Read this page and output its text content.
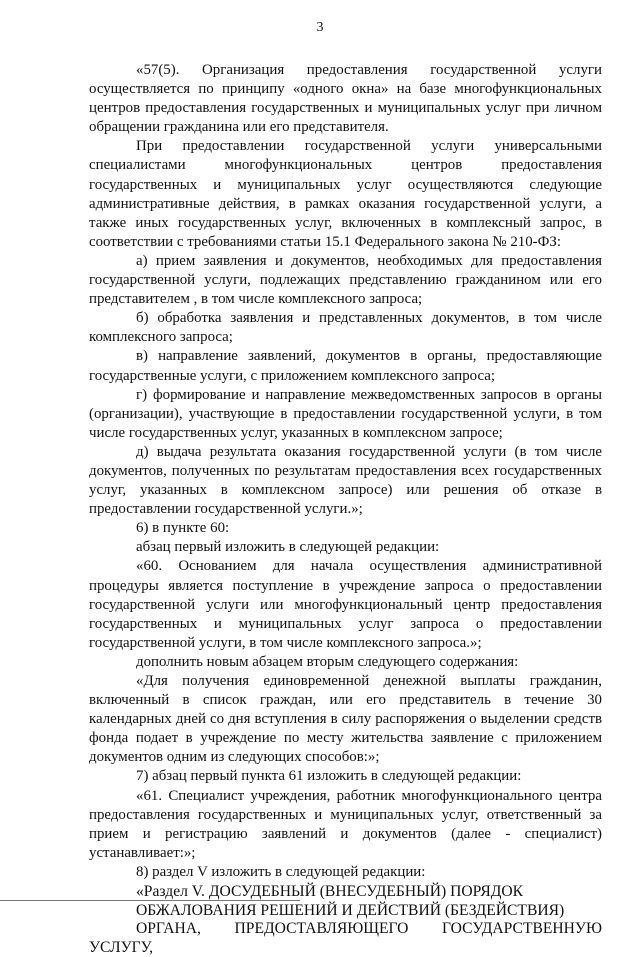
3

«57(5). Организация предоставления государственной услуги осуществляется по принципу «одного окна» на базе многофункциональных центров предоставления государственных и муниципальных услуг при личном обращении гражданина или его представителя.

При предоставлении государственной услуги универсальными специалистами многофункциональных центров предоставления государственных и муниципальных услуг осуществляются следующие административные действия, в рамках оказания государственной услуги, а также иных государственных услуг, включенных в комплексный запрос, в соответствии с требованиями статьи 15.1 Федерального закона № 210-ФЗ:

а) прием заявления и документов, необходимых для предоставления государственной услуги, подлежащих представлению гражданином или его представителем , в том числе комплексного запроса;

б) обработка заявления и представленных документов, в том числе комплексного запроса;

в) направление заявлений, документов в органы, предоставляющие государственные услуги, с приложением комплексного запроса;

г) формирование и направление межведомственных запросов в органы (организации), участвующие в предоставлении государственной услуги, в том числе государственных услуг, указанных в комплексном запросе;

д) выдача результата оказания государственной услуги (в том числе документов, полученных по результатам предоставления всех государственных услуг, указанных в комплексном запросе) или решения об отказе в предоставлении государственной услуги.»;

6) в пункте 60:

абзац первый изложить в следующей редакции:

«60. Основанием для начала осуществления административной процедуры является поступление в учреждение запроса о предоставлении государственной услуги или многофункциональный центр предоставления государственных и муниципальных услуг запроса о предоставлении государственной услуги, в том числе комплексного запроса.»;

дополнить новым абзацем вторым следующего содержания:

«Для получения единовременной денежной выплаты гражданин, включенный в список граждан, или его представитель в течение 30 календарных дней со дня вступления в силу распоряжения о выделении средств фонда подает в учреждение по месту жительства заявление с приложением документов одним из следующих способов:»;

7) абзац первый пункта 61 изложить в следующей редакции:

«61. Специалист учреждения, работник многофункционального центра предоставления государственных и муниципальных услуг, ответственный за прием и регистрацию заявлений и документов (далее - специалист) устанавливает:»;

8) раздел V изложить в следующей редакции:

«Раздел V. ДОСУДЕБНЫЙ (ВНЕСУДЕБНЫЙ) ПОРЯДОК

ОБЖАЛОВАНИЯ РЕШЕНИЙ И ДЕЙСТВИЙ (БЕЗДЕЙСТВИЯ)

ОРГАНА, ПРЕДОСТАВЛЯЮЩЕГО ГОСУДАРСТВЕННУЮ УСЛУГУ,
